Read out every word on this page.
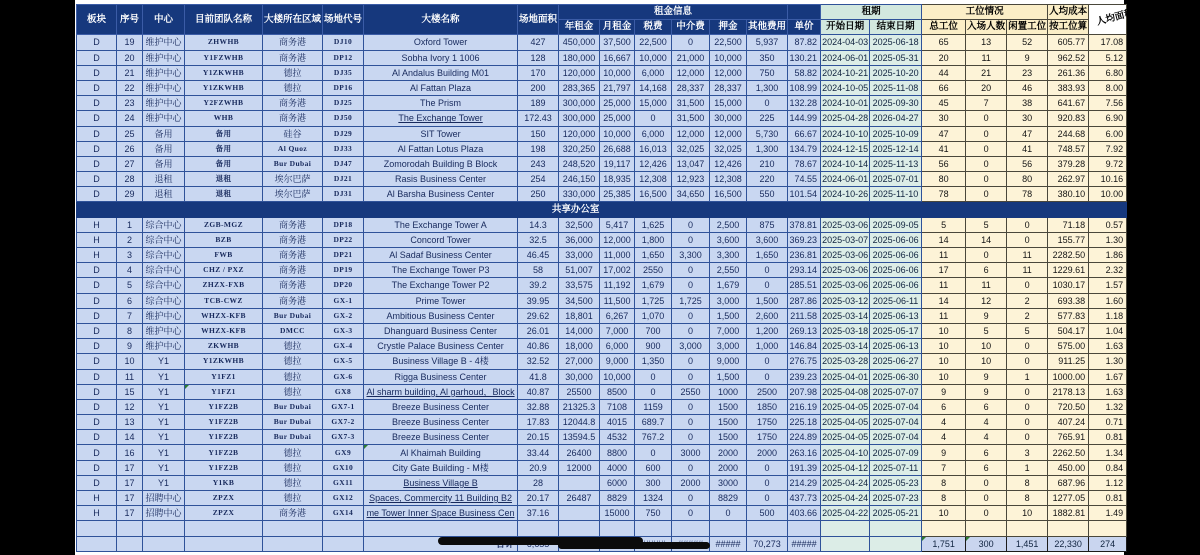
板块	序号	中心	目前团队名称	大楼所在区域	场地代号	大楼名称	场地面积	租金信息							租期		工位情况			人均成本	人均面积

								年租金	月租金	税费	中介费	押金	其他费用	单价	开始日期	结束日期	总工位	入场人数	闲置工位	按工位算	
D	19	维护中心	ZHWHB	商务港	DJ10	Oxford Tower	427	450,000	37,500	22,500	0	22,500	5,937	87.82	2024-04-03	2025-06-18	65	13	52	605.77	17.08
D	20	维护中心	Y1FZWHB	商务港	DP12	Sobha Ivory 1 1006	128	180,000	16,667	10,000	21,000	10,000	350	130.21	2024-06-01	2025-05-31	20	11	9	962.52	5.12
D	21	维护中心	Y1ZKWHB	德拉	DJ35	Al Andalus Building M01	170	120,000	10,000	6,000	12,000	12,000	750	58.82	2024-10-21	2025-10-20	44	21	23	261.36	6.80
D	22	维护中心	Y1ZKWHB	德拉	DP16	Al Fattan Plaza	200	283,365	21,797	14,168	28,337	28,337	1,300	108.99	2024-10-05	2025-11-08	66	20	46	383.93	8.00
D	23	维护中心	Y2FZWHB	商务港	DJ25	The Prism	189	300,000	25,000	15,000	31,500	15,000	0	132.28	2024-10-01	2025-09-30	45	7	38	641.67	7.56
D	24	维护中心	WHB	商务港	DJ50	The Exchange Tower	172.43	300,000	25,000	0	31,500	30,000	225	144.99	2025-04-28	2026-04-27	30	0	30	920.83	6.90
D	25	备用	备用	硅谷	DJ29	SIT Tower	150	120,000	10,000	6,000	12,000	12,000	5,730	66.67	2024-10-10	2025-10-09	47	0	47	244.68	6.00
D	26	备用	备用	Al Quoz	DJ33	Al Fattan Lotus Plaza	198	320,250	26,688	16,013	32,025	32,025	1,300	134.79	2024-12-15	2025-12-14	41	0	41	748.57	7.92
D	27	备用	备用	Bur Dubai	DJ47	Zomorodah Building B Block	243	248,520	19,117	12,426	13,047	12,426	210	78.67	2024-10-14	2025-11-13	56	0	56	379.28	9.72
D	28	退租	退租	埃尔巴萨	DJ21	Rasis Business Center	254	246,150	18,935	12,308	12,923	12,308	220	74.55	2024-06-01	2025-07-01	80	0	80	262.97	10.16
D	29	退租	退租	埃尔巴萨	DJ31	Al Barsha Business Center	250	330,000	25,385	16,500	34,650	16,500	550	101.54	2024-10-26	2025-11-10	78	0	78	380.10	10.00
共享办公室																					
H	1	综合中心	ZGB-MGZ	商务港	DP18	The Exchange Tower A	14.3	32,500	5,417	1,625	0	2,500	875	378.81	2025-03-06	2025-09-05	5	5	0	71.18	0.57
H	2	综合中心	BZB	商务港	DP22	Concord Tower	32.5	36,000	12,000	1,800	0	3,600	3,600	369.23	2025-03-07	2025-06-06	14	14	0	155.77	1.30
H	3	综合中心	FWB	商务港	DP21	Al Sadaf Business Center	46.45	33,000	11,000	1,650	3,300	3,300	1,650	236.81	2025-03-06	2025-06-06	11	0	11	2282.50	1.86
D	4	综合中心	CHZ / PXZ	商务港	DP19	The Exchange Tower P3	58	51,007	17,002	2550	0	2,550	0	293.14	2025-03-06	2025-06-06	17	6	11	1229.61	2.32
D	5	综合中心	ZHZX-FXB	商务港	DP20	The Exchange Tower P2	39.2	33,575	11,192	1,679	0	1,679	0	285.51	2025-03-06	2025-06-06	11	11	0	1030.17	1.57
D	6	综合中心	TCB-CWZ	商务港	GX-1	Prime Tower	39.95	34,500	11,500	1,725	1,725	3,000	1,500	287.86	2025-03-12	2025-06-11	14	12	2	693.38	1.60
D	7	维护中心	WHZX-KFB	Bur Dubai	GX-2	Ambitious Business Center	29.62	18,801	6,267	1,070	0	1,500	2,600	211.58	2025-03-14	2025-06-13	11	9	2	577.83	1.18
D	8	维护中心	WHZX-KFB	DMCC	GX-3	Dhanguard Business Center	26.01	14,000	7,000	700	0	7,000	1,200	269.13	2025-03-18	2025-05-17	10	5	5	504.17	1.04
D	9	维护中心	ZKWHB	德拉	GX-4	Crystle Palace Business Center	40.86	18,000	6,000	900	3,000	3,000	1,000	146.84	2025-03-14	2025-06-13	10	10	0	575.00	1.63
D	10	Y1	Y1ZKWHB	德拉	GX-5	Business Village B - 4楼	32.52	27,000	9,000	1,350	0	9,000	0	276.75	2025-03-28	2025-06-27	10	10	0	911.25	1.30
D	11	Y1	Y1FZ1	德拉	GX-6	Rigga Business Center	41.8	30,000	10,000	0	0	1,500	0	239.23	2025-04-01	2025-06-30	10	9	1	1000.00	1.67
D	15	Y1	Y1FZ1	德拉	GX8	Al sharm building, Al garhoud，Block	40.87	25500	8500	0	2550	1000	2500	207.98	2025-04-08	2025-07-07	9	9	0	2178.13	1.63
D	12	Y1	Y1FZ2B	Bur Dubai	GX7-1	Breeze Business Center	32.88	21325.3	7108	1159	0	1500	1850	216.19	2025-04-05	2025-07-04	6	6	0	720.50	1.32
D	13	Y1	Y1FZ2B	Bur Dubai	GX7-2	Breeze Business Center	17.83	12044.8	4015	689.7	0	1500	1750	225.18	2025-04-05	2025-07-04	4	4	0	407.24	0.71
D	14	Y1	Y1FZ2B	Bur Dubai	GX7-3	Breeze Business Center	20.15	13594.5	4532	767.2	0	1500	1750	224.89	2025-04-05	2025-07-04	4	4	0	765.91	0.81
D	16	Y1	Y1FZ2B	德拉	GX9	Al Khaimah Building	33.44	26400	8800	0	3000	2000	2000	263.16	2025-04-10	2025-07-09	9	6	3	2262.50	1.34
D	17	Y1	Y1FZ2B	德拉	GX10	City Gate Building - M楼	20.9	12000	4000	600	0	2000	0	191.39	2025-04-12	2025-07-11	7	6	1	450.00	0.84
D	17	Y1	Y1KB	德拉	GX11	Business Village B	28		6000	300	2000	3000	0	214.29	2025-04-24	2025-05-23	8	0	8	687.96	1.12
H	17	招聘中心	ZPZX	德拉	GX12	Spaces, Commercity 11 Building B2	20.17	26487	8829	1324	0	8829	0	437.73	2025-04-24	2025-07-23	8	0	8	1277.05	0.81
H	17	招聘中心	ZPZX	商务港	GX14	me Tower Inner Space Business Cen	37.16		15000	750	0	0	500	403.66	2025-04-22	2025-05-21	10	0	10	1882.81	1.49

												#####	70,273	#####			1,751	300	1,451	22,330	274
